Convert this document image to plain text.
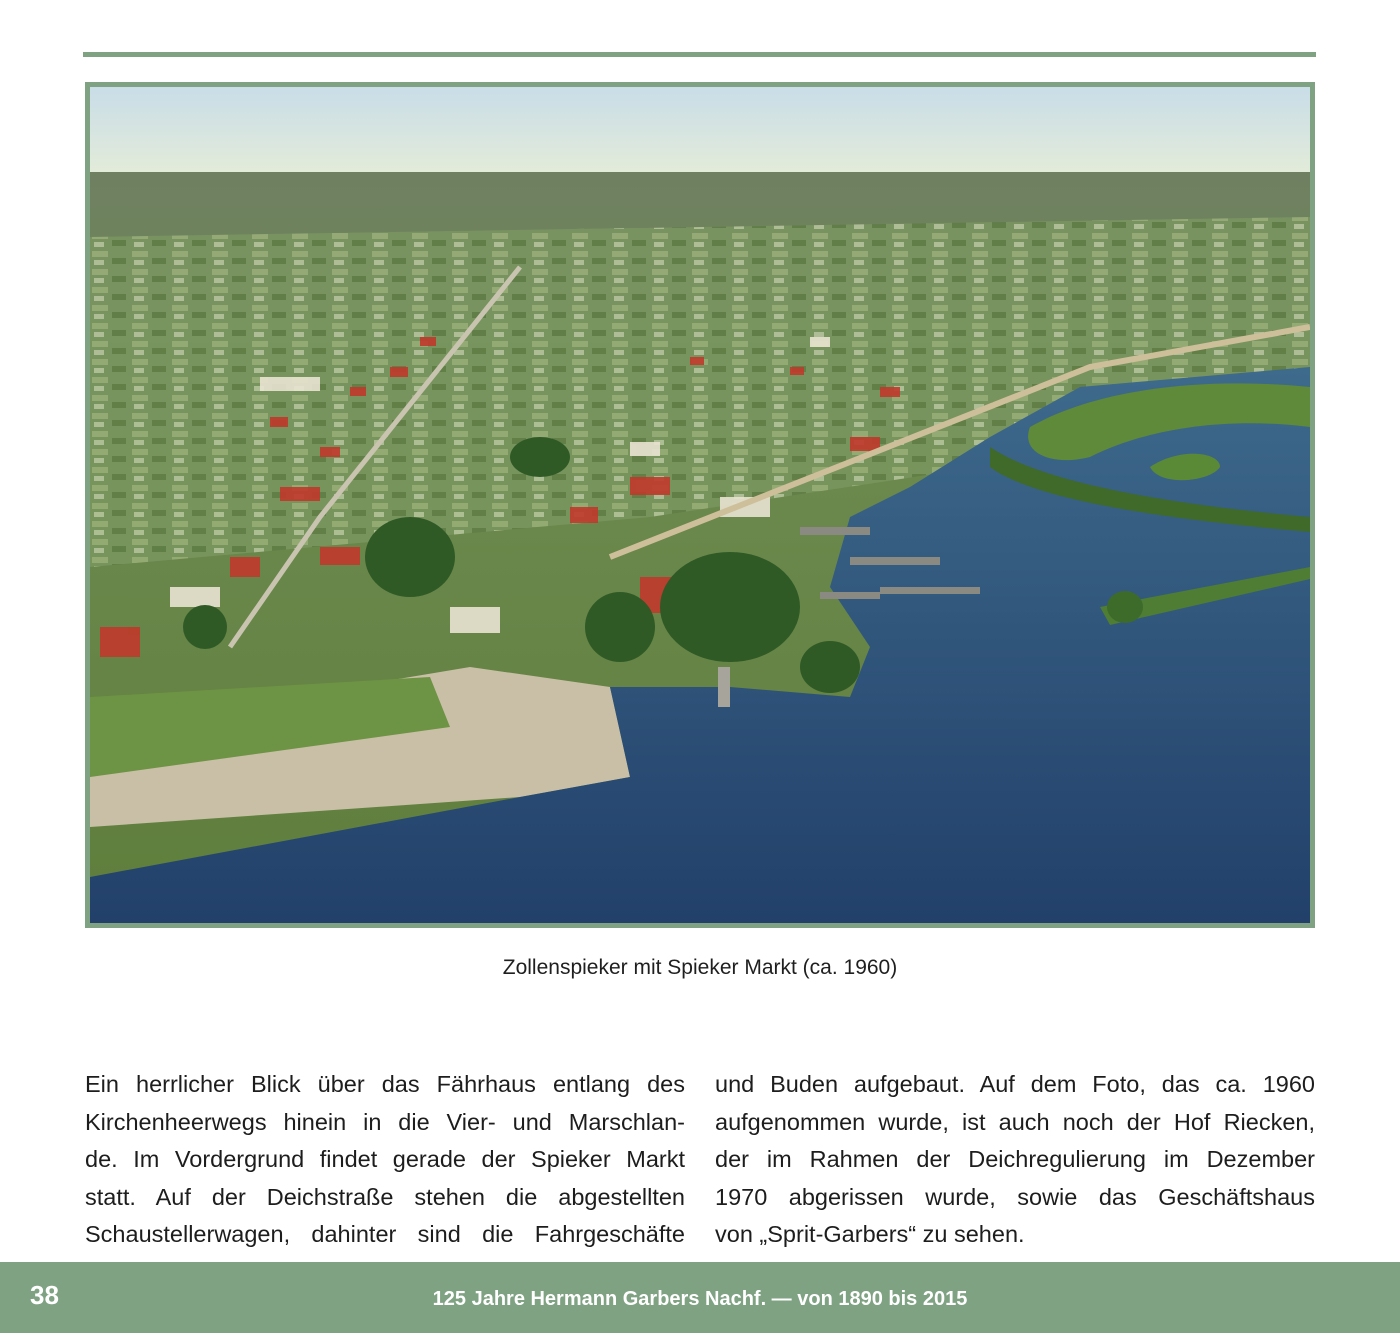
Zollenspieker mit Spieker Markt (ca. 1960)
Ein herrlicher Blick über das Fährhaus entlang des
Kirchenheerwegs hinein in die Vier- und Marschlan-
de. Im Vordergrund findet gerade der Spieker Markt
statt. Auf der Deichstraße stehen die abgestellten
Schaustellerwagen, dahinter sind die Fahrgeschäfte
und Buden aufgebaut. Auf dem Foto, das ca. 1960
aufgenommen wurde, ist auch noch der Hof Riecken,
der im Rahmen der Deichregulierung im Dezember
1970 abgerissen wurde, sowie das Geschäftshaus
von „Sprit-Garbers“ zu sehen.
38	125 Jahre Hermann Garbers Nachf. — von 1890 bis 2015
